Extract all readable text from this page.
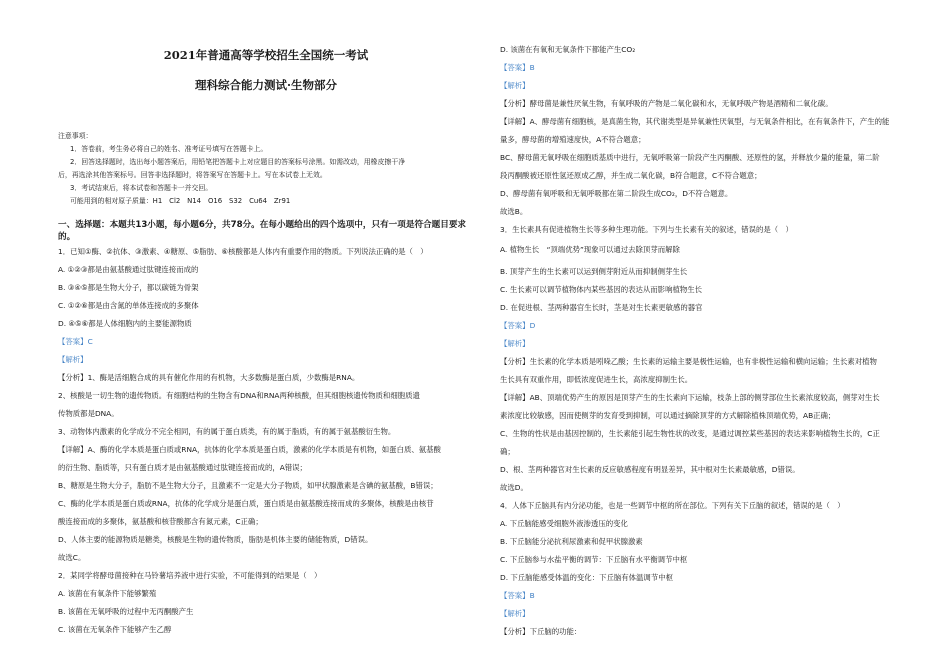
2021年普通高等学校招生全国统一考试
理科综合能力测试·生物部分
注意事项：
1．答卷前，考生务必将自己的姓名、准考证号填写在答题卡上。
2．回答选择题时，选出每小题答案后，用铅笔把答题卡上对应题目的答案标号涂黑。如需改动，用橡皮擦干净
后，再选涂其他答案标号。回答非选择题时，将答案写在答题卡上。写在本试卷上无效。
3．考试结束后，将本试卷和答题卡一并交回。
可能用到的相对原子质量：H1　Cl2　N14　O16　S32　Cu64　Zr91
一、选择题：本题共13小题，每小题6分，共78分。在每小题给出的四个选项中，只有一项是符合题目要求的。
1．已知①酶、②抗体、③激素、④糖原、⑤脂肪、⑥核酸都是人体内有重要作用的物质。下列说法正确的是（　）
A. ①②③都是由氨基酸通过肽键连接而成的
B. ③④⑤都是生物大分子，都以碳链为骨架
C. ①②⑥都是由含氮的单体连接成的多聚体
D. ④⑤⑥都是人体细胞内的主要能源物质
【答案】C
【解析】
【分析】1、酶是活细胞合成的具有催化作用的有机物，大多数酶是蛋白质，少数酶是RNA。
2、核酸是一切生物的遗传物质。有细胞结构的生物含有DNA和RNA两种核酸，但其细胞核遗传物质和细胞质遗
传物质都是DNA。
3、动物体内激素的化学成分不完全相同，有的属于蛋白质类，有的属于脂质，有的属于氨基酸衍生物。
【详解】A、酶的化学本质是蛋白质或RNA，抗体的化学本质是蛋白质，激素的化学本质是有机物，如蛋白质、氨基酸
的衍生物、脂质等，只有蛋白质才是由氨基酸通过肽键连接而成的，A错误；
B、糖原是生物大分子，脂肪不是生物大分子，且激素不一定是大分子物质，如甲状腺激素是含碘的氨基酸，B错误；
C、酶的化学本质是蛋白质或RNA，抗体的化学成分是蛋白质，蛋白质是由氨基酸连接而成的多聚体，核酸是由核苷
酸连接而成的多聚体，氨基酸和核苷酸都含有氮元素，C正确；
D、人体主要的能源物质是糖类，核酸是生物的遗传物质，脂肪是机体主要的储能物质，D错误。
故选C。
2．某同学将酵母菌接种在马铃薯培养液中进行实验，不可能得到的结果是（　）
A. 该菌在有氧条件下能够繁殖
B. 该菌在无氧呼吸的过程中无丙酮酸产生
C. 该菌在无氧条件下能够产生乙醇
D. 该菌在有氧和无氧条件下都能产生CO₂
【答案】B
【解析】
【分析】酵母菌是兼性厌氧生物，有氧呼吸的产物是二氧化碳和水，无氧呼吸产物是酒精和二氧化碳。
【详解】A、酵母菌有细胞核，是真菌生物，其代谢类型是异氧兼性厌氧型，与无氧条件相比，在有氧条件下，产生的能
量多，酵母菌的增殖速度快，A不符合题意；
BC、酵母菌无氧呼吸在细胞质基质中进行，无氧呼吸第一阶段产生丙酮酸、还原性的氢，并释放少量的能量，第二阶
段丙酮酸被还原性氢还原成乙醇，并生成二氧化碳，B符合题意，C不符合题意；
D、酵母菌有氧呼吸和无氧呼吸都在第二阶段生成CO₂，D不符合题意。
故选B。
3．生长素具有促进植物生长等多种生理功能。下列与生长素有关的叙述，错误的是（　）
A. 植物生长　“顶端优势”现象可以通过去除顶芽而解除
B. 顶芽产生的生长素可以运到侧芽附近从而抑制侧芽生长
C. 生长素可以调节植物体内某些基因的表达从而影响植物生长
D. 在促进根、茎两种器官生长时，茎是对生长素更敏感的器官
【答案】D
【解析】
【分析】生长素的化学本质是吲哚乙酸；生长素的运输主要是极性运输，也有非极性运输和横向运输；生长素对植物
生长具有双重作用，即低浓度促进生长，高浓度抑制生长。
【详解】AB、顶端优势产生的原因是顶芽产生的生长素向下运输，枝条上部的侧芽部位生长素浓度较高，侧芽对生长
素浓度比较敏感，因而使侧芽的发育受到抑制，可以通过摘除顶芽的方式解除植株顶端优势，AB正确；
C、生物的性状是由基因控制的，生长素能引起生物性状的改变，是通过调控某些基因的表达来影响植物生长的，C正
确；
D、根、茎两种器官对生长素的反应敏感程度有明显差异，其中根对生长素最敏感，D错误。
故选D。
4．人体下丘脑具有内分泌功能，也是一些调节中枢的所在部位。下列有关下丘脑的叙述，错误的是（　）
A. 下丘脑能感受细胞外液渗透压的变化
B. 下丘脑能分泌抗利尿激素和促甲状腺激素
C. 下丘脑参与水盐平衡的调节：下丘脑有水平衡调节中枢
D. 下丘脑能感受体温的变化：下丘脑有体温调节中枢
【答案】B
【解析】
【分析】下丘脑的功能：
